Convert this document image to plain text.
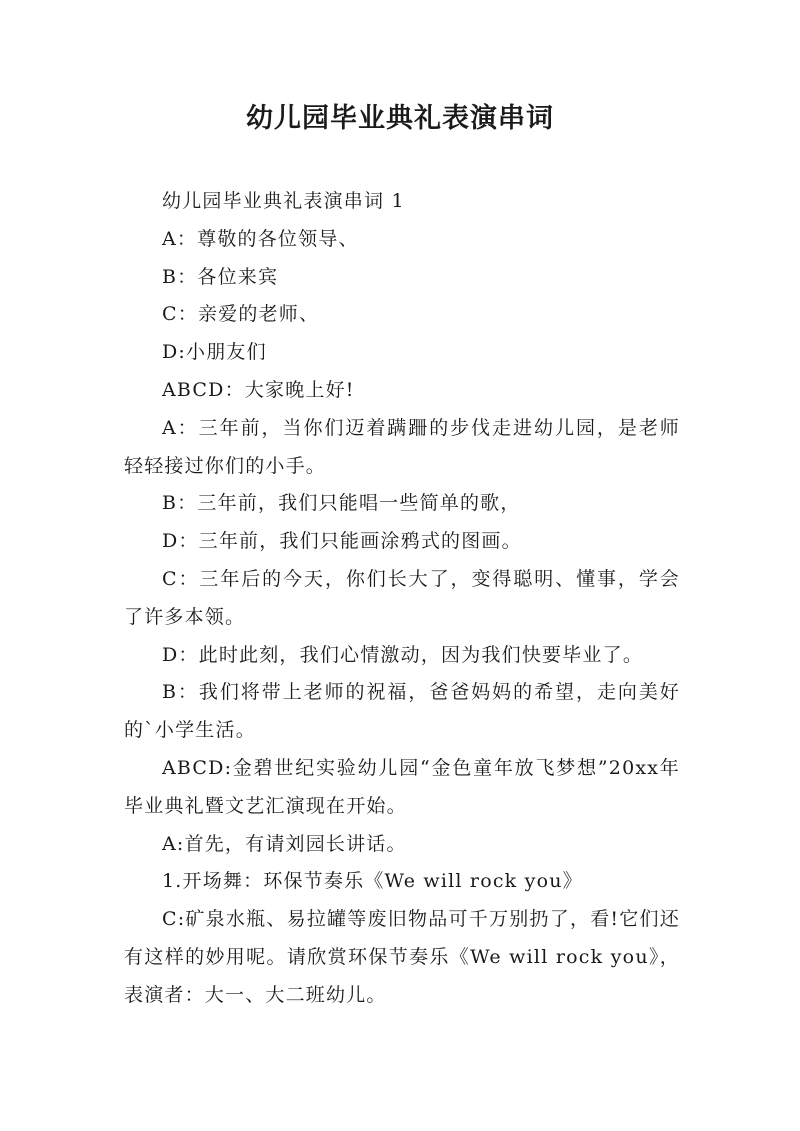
幼儿园毕业典礼表演串词

幼儿园毕业典礼表演串词 1

A：尊敬的各位领导、

B：各位来宾

C：亲爱的老师、

D:小朋友们

ABCD：大家晚上好!

A：三年前，当你们迈着蹒跚的步伐走进幼儿园，是老师轻轻接过你们的小手。

B：三年前，我们只能唱一些简单的歌，

D：三年前，我们只能画涂鸦式的图画。

C：三年后的今天，你们长大了，变得聪明、懂事，学会了许多本领。

D：此时此刻，我们心情激动，因为我们快要毕业了。

B：我们将带上老师的祝福，爸爸妈妈的希望，走向美好的`小学生活。

ABCD:金碧世纪实验幼儿园“金色童年放飞梦想”20xx年毕业典礼暨文艺汇演现在开始。

A:首先，有请刘园长讲话。

1.开场舞：环保节奏乐《We will rock you》

C:矿泉水瓶、易拉罐等废旧物品可千万别扔了，看!它们还有这样的妙用呢。请欣赏环保节奏乐《We will rock you》，表演者：大一、大二班幼儿。
